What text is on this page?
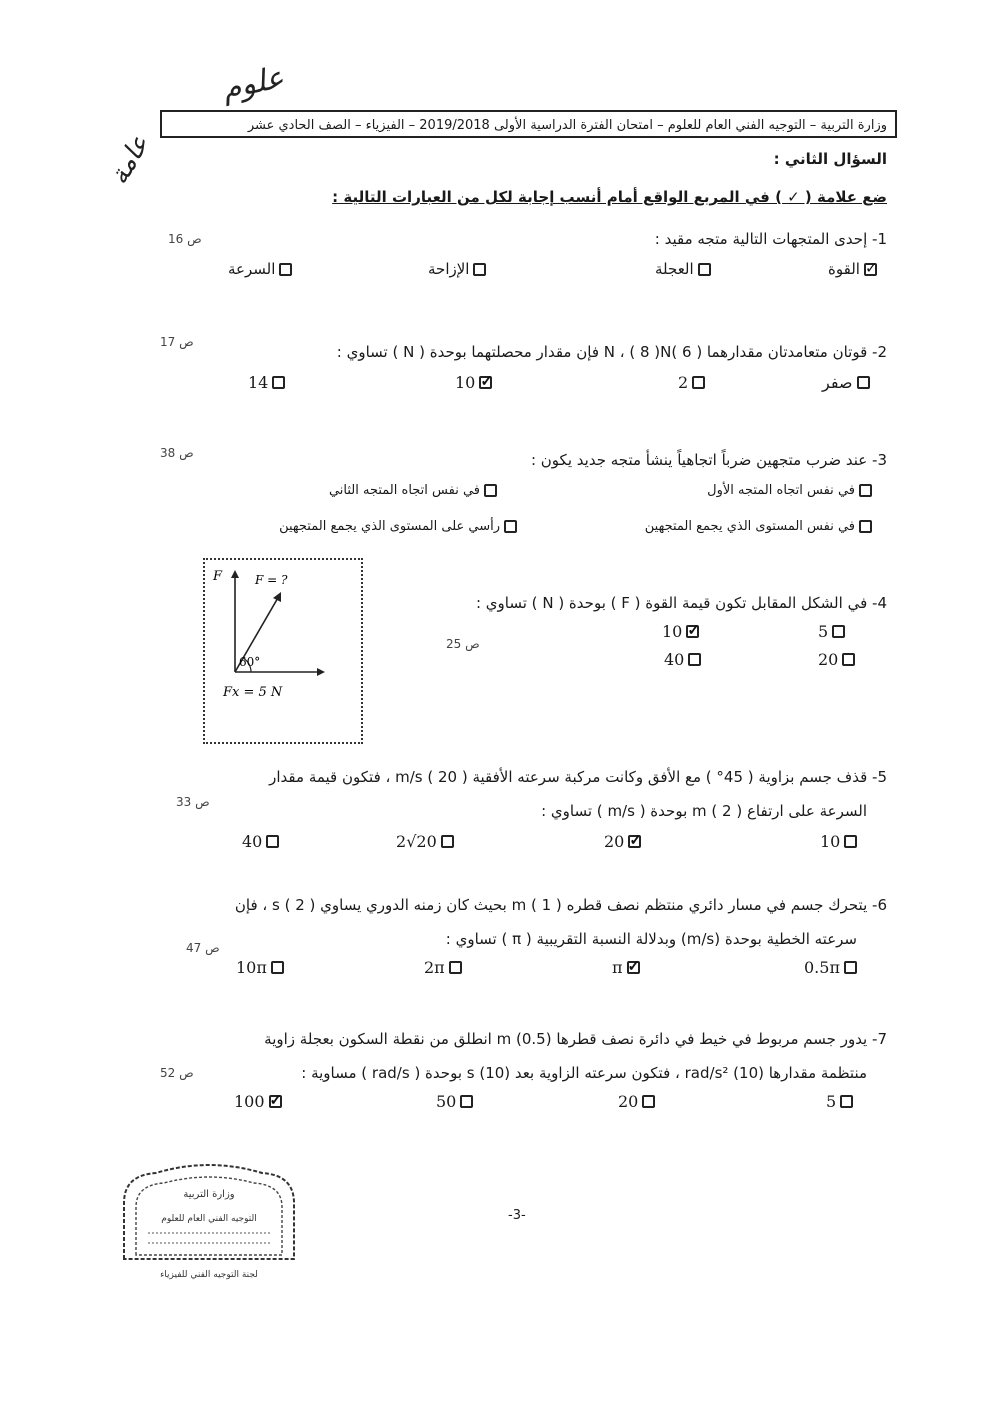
علوم
عامة
وزارة التربية – التوجيه الفني العام للعلوم – امتحان الفترة الدراسية الأولى 2019/2018 – الفيزياء – الصف الحادي عشر
السؤال الثاني :
ضع علامة ( ✓ ) في المربع الواقع أمام أنسب إجابة لكل من العبارات التالية :
1- إحدى المتجهات التالية متجه مقيد :
ص 16
✓
القوة
العجلة
الإزاحة
السرعة
2- قوتان متعامدتان مقدارهما ( 6 )N ، ( 8 )N فإن مقدار محصلتهما بوحدة ( N ) تساوي :
ص 17
صفر
2
✓
10
14
3- عند ضرب متجهين ضرباً اتجاهياً ينشأ متجه جديد يكون :
ص 38
في نفس اتجاه المتجه الأول
في نفس اتجاه المتجه الثاني
في نفس المستوى الذي يجمع المتجهين
رأسي على المستوى الذي يجمع المتجهين
F	F = ?
60°
Fx = 5 N
4- في الشكل المقابل تكون قيمة القوة ( F ) بوحدة ( N ) تساوي :
ص 25
5
✓
10
20
40
5- قذف جسم بزاوية ( 45° ) مع الأفق وكانت مركبة سرعته الأفقية m/s ( 20 ) ، فتكون قيمة مقدار
السرعة على ارتفاع m ( 2 ) بوحدة ( m/s ) تساوي :
ص 33
10
✓
20
20√2
40
6- يتحرك جسم في مسار دائري منتظم نصف قطره m ( 1 ) بحيث كان زمنه الدوري يساوي s ( 2 ) ، فإن
سرعته الخطية بوحدة (m/s) وبدلالة النسبة التقريبية ( π ) تساوي :
ص 47
0.5π
✓
π
2π
10π
7- يدور جسم مربوط في خيط في دائرة نصف قطرها m (0.5) انطلق من نقطة السكون بعجلة زاوية
منتظمة مقدارها rad/s² (10) ، فتكون سرعته الزاوية بعد s (10) بوحدة ( rad/s ) مساوية :
ص 52
5
20
50
✓
100
وزارة التربية
التوجيه الفني العام للعلوم
لجنة التوجيه الفني للفيزياء
-3-
